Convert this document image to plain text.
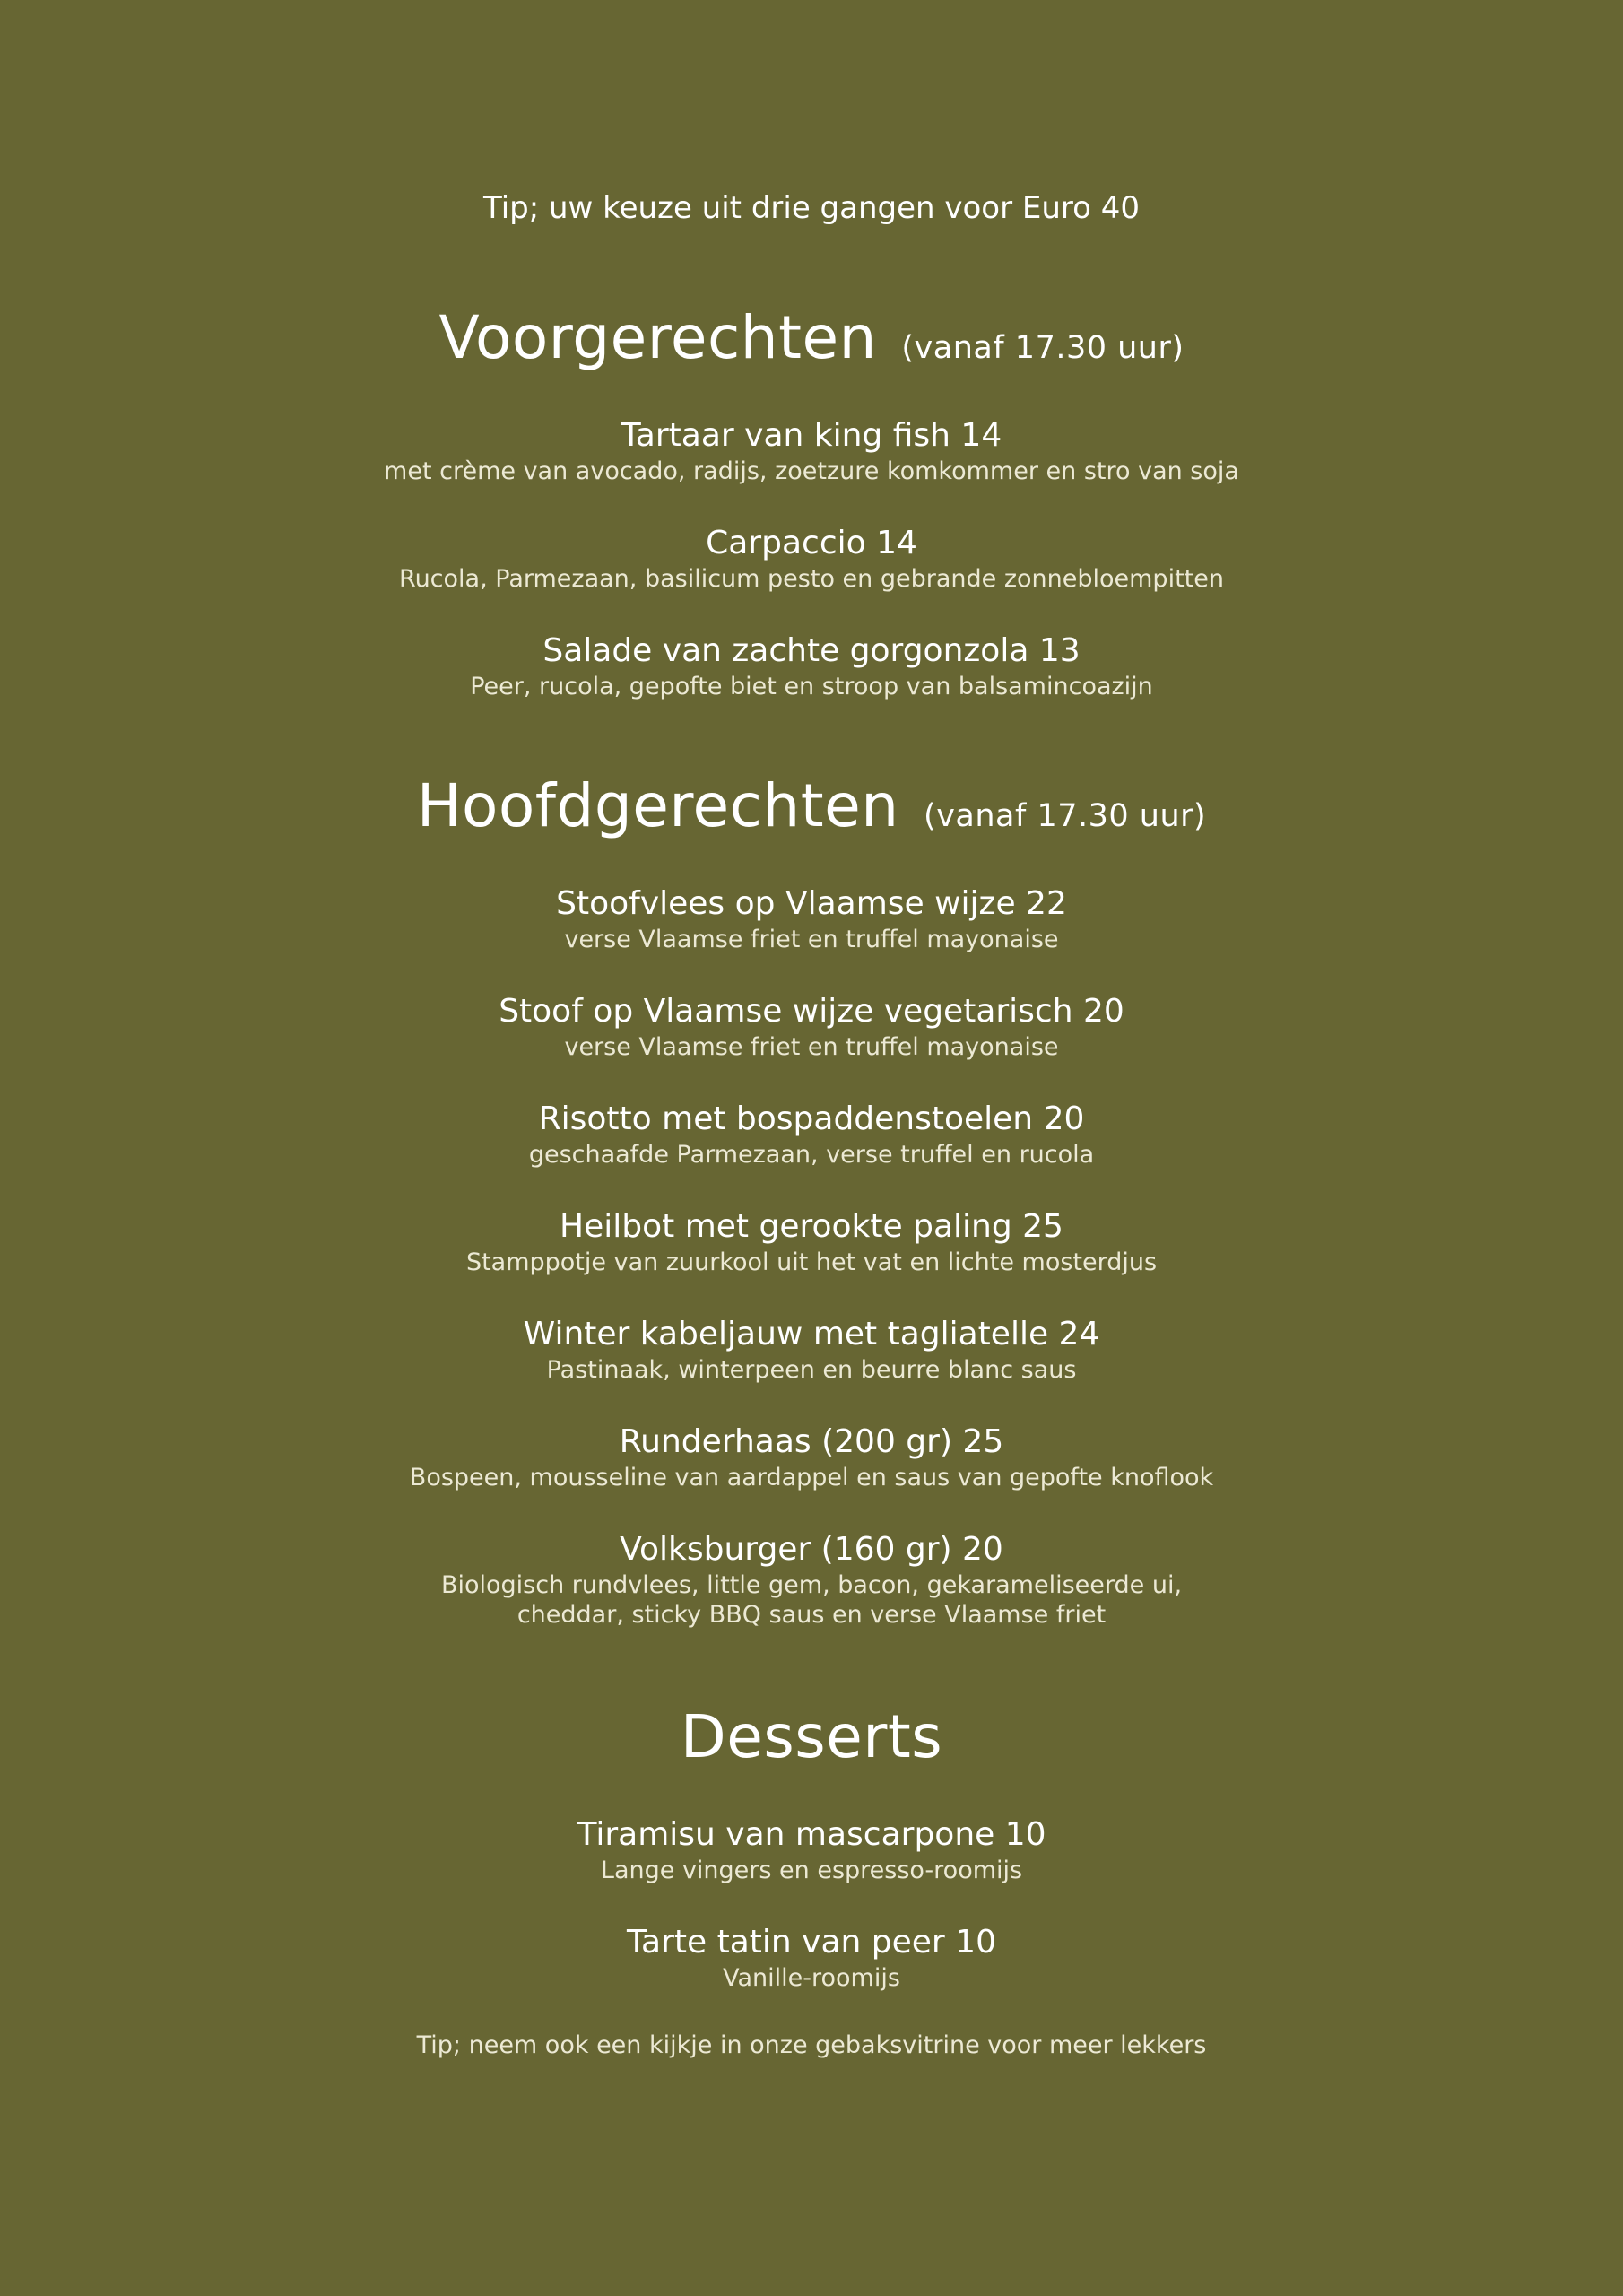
Tip; uw keuze uit drie gangen voor Euro 40
Voorgerechten (vanaf 17.30 uur)
Tartaar van king fish 14
met crème van avocado, radijs, zoetzure komkommer en stro van soja
Carpaccio 14
Rucola, Parmezaan, basilicum pesto en gebrande zonnebloempitten
Salade van zachte gorgonzola 13
Peer, rucola, gepofte biet en stroop van balsamincoazijn
Hoofdgerechten (vanaf 17.30 uur)
Stoofvlees op Vlaamse wijze 22
verse Vlaamse friet en truffel mayonaise
Stoof op Vlaamse wijze vegetarisch 20
verse Vlaamse friet en truffel mayonaise
Risotto met bospaddenstoelen 20
geschaafde Parmezaan, verse truffel en rucola
Heilbot met gerookte paling 25
Stamppotje van zuurkool uit het vat en lichte mosterdjus
Winter kabeljauw met tagliatelle 24
Pastinaak, winterpeen en beurre blanc saus
Runderhaas (200 gr) 25
Bospeen, mousseline van aardappel en saus van gepofte knoflook
Volksburger (160 gr) 20
Biologisch rundvlees, little gem, bacon, gekarameliseerde ui,
cheddar, sticky BBQ saus en verse Vlaamse friet
Desserts
Tiramisu van mascarpone 10
Lange vingers en espresso-roomijs
Tarte tatin van peer 10
Vanille-roomijs
Tip; neem ook een kijkje in onze gebaksvitrine voor meer lekkers
